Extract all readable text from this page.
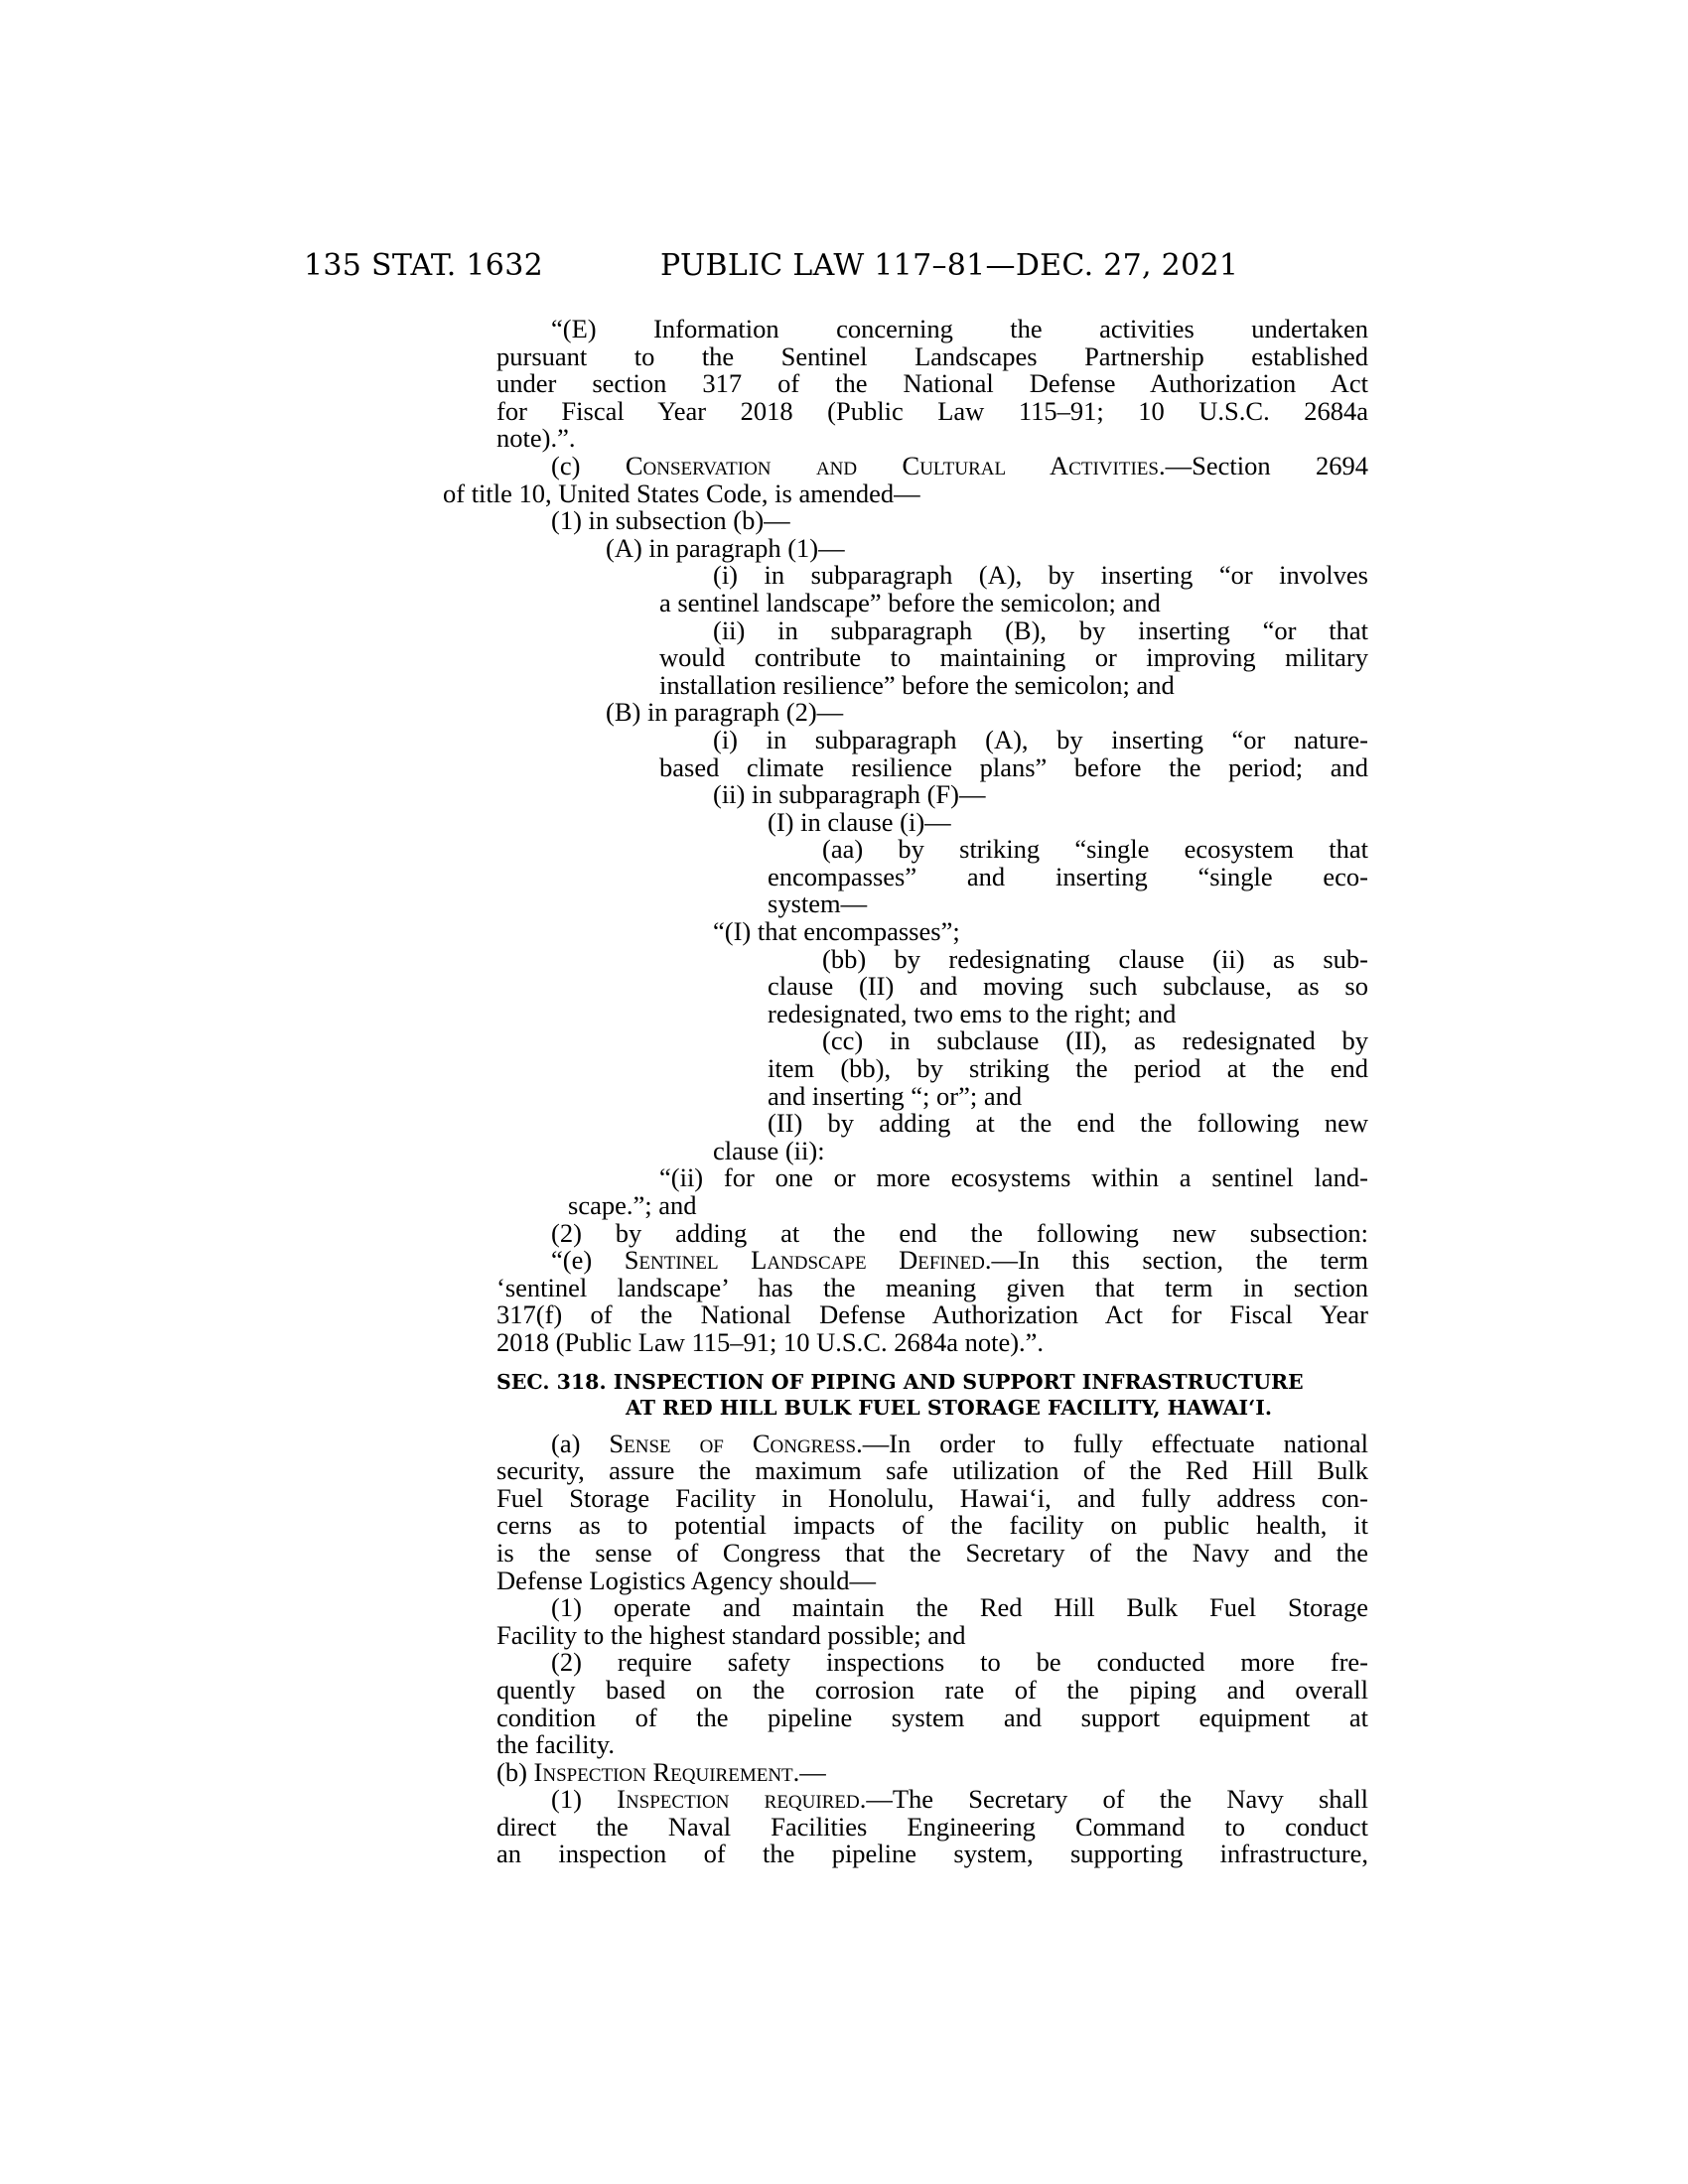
135 STAT. 1632	PUBLIC LAW 117–81—DEC. 27, 2021
“(E) Information concerning the activities undertaken
pursuant to the Sentinel Landscapes Partnership established
under section 317 of the National Defense Authorization Act
for Fiscal Year 2018 (Public Law 115–91; 10 U.S.C. 2684a
note).”.
(c) Conservation and Cultural Activities.—Section 2694
of title 10, United States Code, is amended—
(1) in subsection (b)—
(A) in paragraph (1)—
(i) in subparagraph (A), by inserting “or involves
a sentinel landscape” before the semicolon; and
(ii) in subparagraph (B), by inserting “or that
would contribute to maintaining or improving military
installation resilience” before the semicolon; and
(B) in paragraph (2)—
(i) in subparagraph (A), by inserting “or nature-
based climate resilience plans” before the period; and
(ii) in subparagraph (F)—
(I) in clause (i)—
(aa) by striking “single ecosystem that
encompasses” and inserting “single eco-
system—
“(I) that encompasses”;
(bb) by redesignating clause (ii) as sub-
clause (II) and moving such subclause, as so
redesignated, two ems to the right; and
(cc) in subclause (II), as redesignated by
item (bb), by striking the period at the end
and inserting “; or”; and
(II) by adding at the end the following new
clause (ii):
“(ii) for one or more ecosystems within a sentinel land-
scape.”; and
(2) by adding at the end the following new subsection:
“(e) Sentinel Landscape Defined.—In this section, the term
‘sentinel landscape’ has the meaning given that term in section
317(f) of the National Defense Authorization Act for Fiscal Year
2018 (Public Law 115–91; 10 U.S.C. 2684a note).”.
SEC. 318. INSPECTION OF PIPING AND SUPPORT INFRASTRUCTURE
AT RED HILL BULK FUEL STORAGE FACILITY, HAWAI‘I.
(a) Sense of Congress.—In order to fully effectuate national
security, assure the maximum safe utilization of the Red Hill Bulk
Fuel Storage Facility in Honolulu, Hawai‘i, and fully address con-
cerns as to potential impacts of the facility on public health, it
is the sense of Congress that the Secretary of the Navy and the
Defense Logistics Agency should—
(1) operate and maintain the Red Hill Bulk Fuel Storage
Facility to the highest standard possible; and
(2) require safety inspections to be conducted more fre-
quently based on the corrosion rate of the piping and overall
condition of the pipeline system and support equipment at
the facility.
(b) Inspection Requirement.—
(1) Inspection required.—The Secretary of the Navy shall
direct the Naval Facilities Engineering Command to conduct
an inspection of the pipeline system, supporting infrastructure,
